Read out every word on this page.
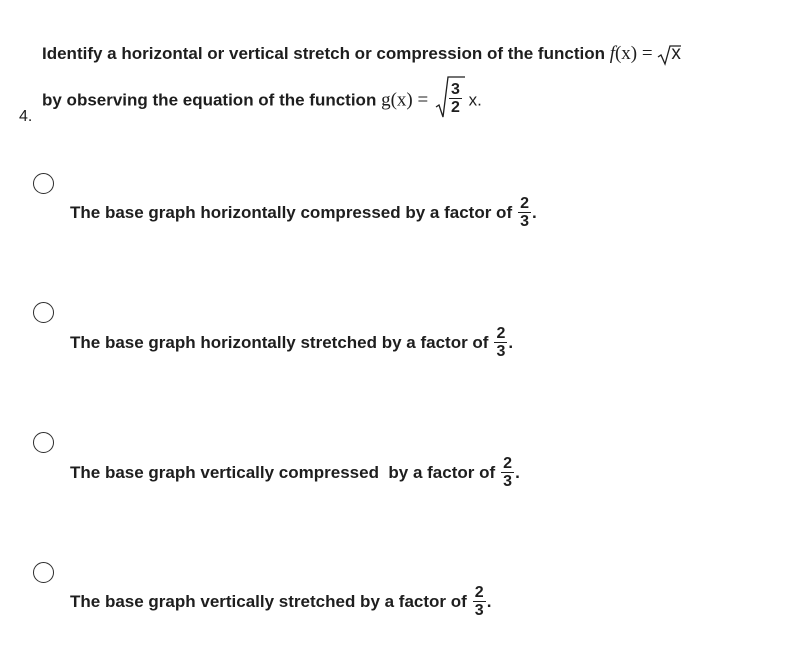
4.
Identify a horizontal or vertical stretch or compression of the function f(x) = x
by observing the equation of the function $g(x) = \frac{3}{2} x$.
The base graph horizontally compressed by a factor of $\frac{2}{3}$ .
The base graph horizontally stretched by a factor of $\frac{2}{3}$ .
The base graph vertically compressed  by a factor of $\frac{2}{3}$ .
The base graph vertically stretched by a factor of $\frac{2}{3}$ .
